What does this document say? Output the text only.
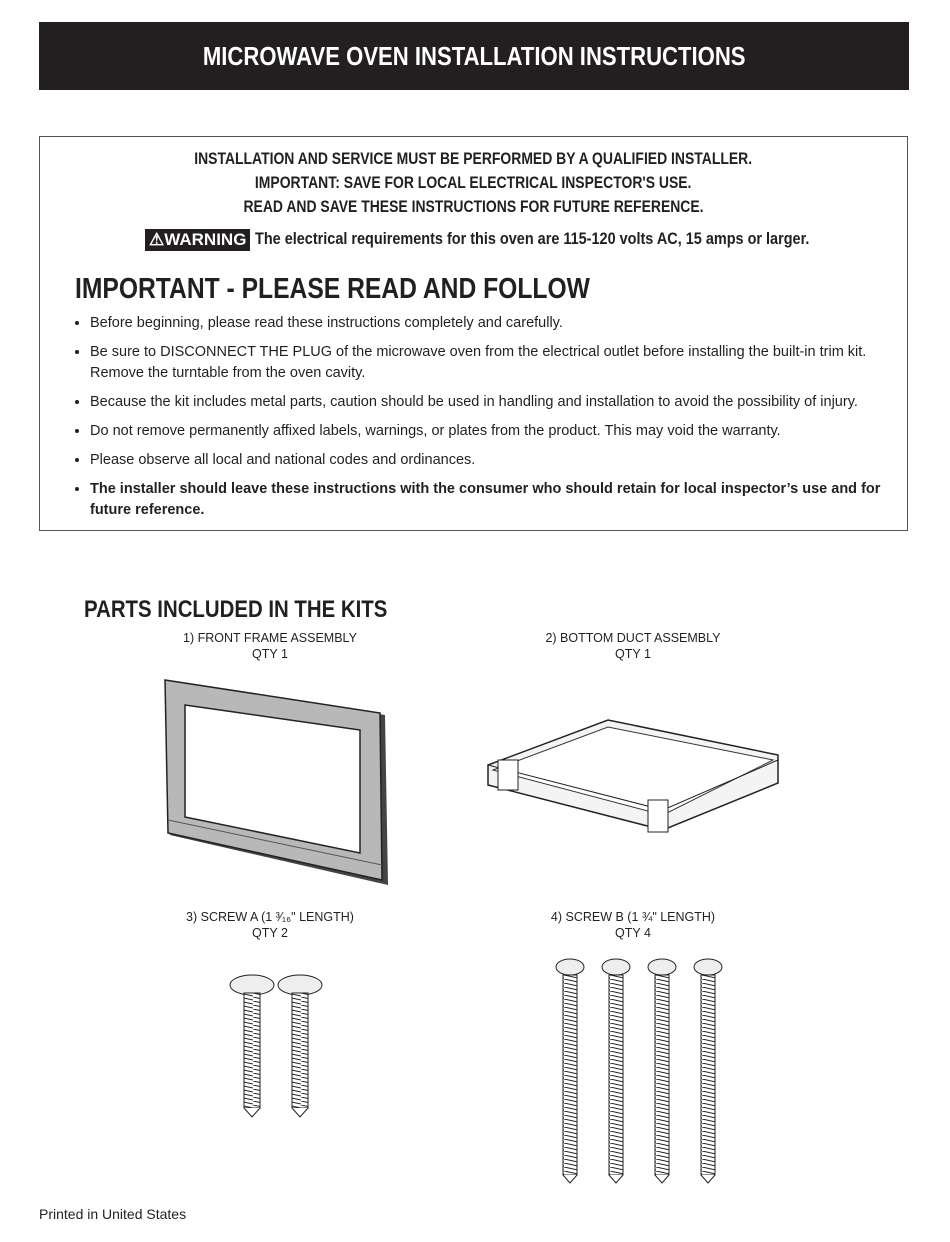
MICROWAVE OVEN INSTALLATION INSTRUCTIONS
INSTALLATION AND SERVICE MUST BE PERFORMED BY A QUALIFIED INSTALLER.
IMPORTANT: SAVE FOR LOCAL ELECTRICAL INSPECTOR'S USE.
READ AND SAVE THESE INSTRUCTIONS FOR FUTURE REFERENCE.
⚠WARNING The electrical requirements for this oven are 115-120 volts AC, 15 amps or larger.
IMPORTANT - PLEASE READ AND FOLLOW
• Before beginning, please read these instructions completely and carefully.
• Be sure to DISCONNECT THE PLUG of the microwave oven from the electrical outlet before installing the built-in trim kit. Remove the turntable from the oven cavity.
• Because the kit includes metal parts, caution should be used in handling and installation to avoid the possibility of injury.
• Do not remove permanently affixed labels, warnings, or plates from the product. This may void the warranty.
• Please observe all local and national codes and ordinances.
• The installer should leave these instructions with the consumer who should retain for local inspector’s use and for future reference.
PARTS INCLUDED IN THE KITS
1) FRONT FRAME ASSEMBLY
QTY 1
2) BOTTOM DUCT ASSEMBLY
QTY 1
3) SCREW A (1 ³⁄₁₆" LENGTH)
QTY 2
4) SCREW B (1 ¾" LENGTH)
QTY 4
Printed in United States
